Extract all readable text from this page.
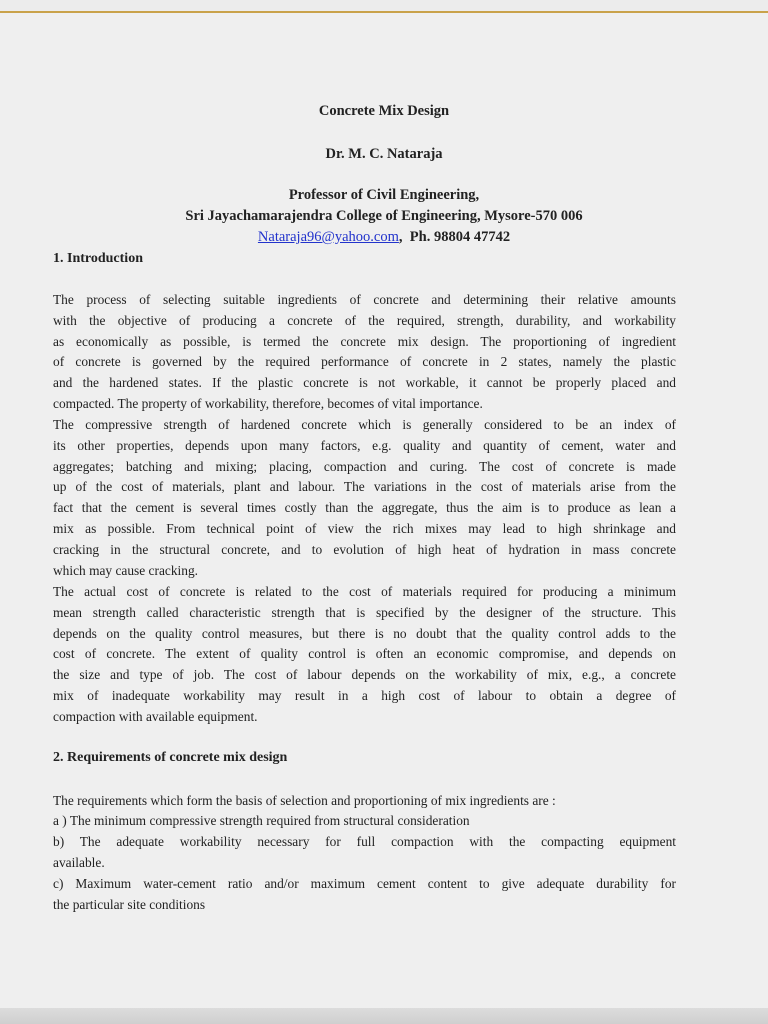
Concrete Mix Design
Dr. M. C. Nataraja
Professor of Civil Engineering,
Sri Jayachamarajendra College of Engineering, Mysore-570 006
Nataraja96@yahoo.com, Ph. 98804 47742
1. Introduction
The process of selecting suitable ingredients of concrete and determining their relative amounts
with the objective of producing a concrete of the required, strength, durability, and workability
as economically as possible, is termed the concrete mix design. The proportioning of ingredient
of concrete is governed by the required performance of concrete in 2 states, namely the plastic
and the hardened states. If the plastic concrete is not workable, it cannot be properly placed and
compacted. The property of workability, therefore, becomes of vital importance.
The compressive strength of hardened concrete which is generally considered to be an index of
its other properties, depends upon many factors, e.g. quality and quantity of cement, water and
aggregates; batching and mixing; placing, compaction and curing. The cost of concrete is made
up of the cost of materials, plant and labour. The variations in the cost of materials arise from the
fact that the cement is several times costly than the aggregate, thus the aim is to produce as lean a
mix as possible. From technical point of view the rich mixes may lead to high shrinkage and
cracking in the structural concrete, and to evolution of high heat of hydration in mass concrete
which may cause cracking.
The actual cost of concrete is related to the cost of materials required for producing a minimum
mean strength called characteristic strength that is specified by the designer of the structure. This
depends on the quality control measures, but there is no doubt that the quality control adds to the
cost of concrete. The extent of quality control is often an economic compromise, and depends on
the size and type of job. The cost of labour depends on the workability of mix, e.g., a concrete
mix of inadequate workability may result in a high cost of labour to obtain a degree of
compaction with available equipment.
2. Requirements of concrete mix design
The requirements which form the basis of selection and proportioning of mix ingredients are :
a ) The minimum compressive strength required from structural consideration
b) The adequate workability necessary for full compaction with the compacting equipment
available.
c) Maximum water-cement ratio and/or maximum cement content to give adequate durability for
the particular site conditions
